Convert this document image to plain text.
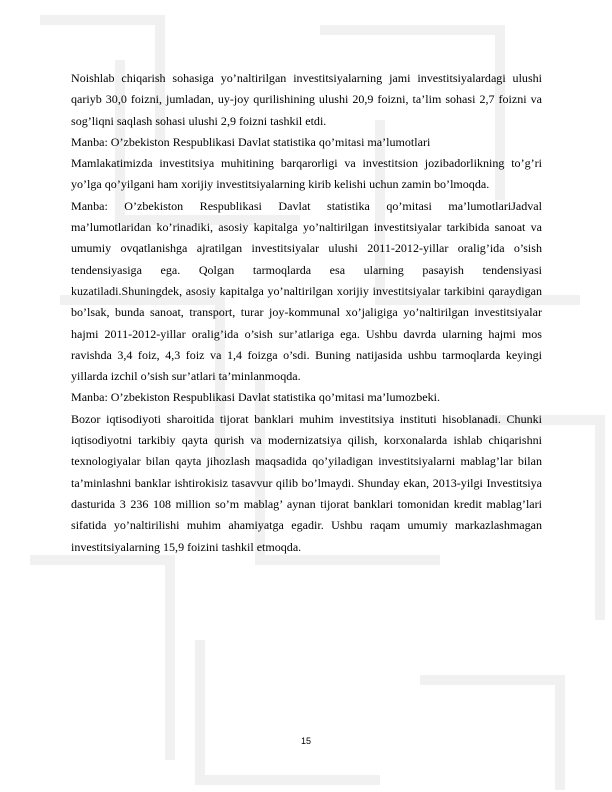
Noishlab chiqarish sohasiga yo’naltirilgan investitsiyalarning jami investitsiyalardagi ulushi qariyb 30,0 foizni, jumladan, uy-joy qurilishining ulushi 20,9 foizni, ta’lim sohasi 2,7 foizni va sog’liqni saqlash sohasi ulushi 2,9 foizni tashkil etdi.

Manba: O’zbekiston Respublikasi Davlat statistika qo’mitasi ma’lumotlari

Mamlakatimizda investitsiya muhitining barqarorligi va investitsion jozibadorlikning to’g’ri yo’lga qo’yilgani ham xorijiy investitsiyalarning kirib kelishi uchun zamin bo’lmoqda.

Manba: O’zbekiston Respublikasi Davlat statistika qo’mitasi ma’lumotlariJadval ma’lumotlaridan ko’rinadiki, asosiy kapitalga yo’naltirilgan investitsiyalar tarkibida sanoat va umumiy ovqatlanishga ajratilgan investitsiyalar ulushi 2011-2012-yillar oralig’ida o’sish tendensiyasiga ega. Qolgan tarmoqlarda esa ularning pasayish tendensiyasi kuzatiladi.Shuningdek, asosiy kapitalga yo’naltirilgan xorijiy investitsiyalar tarkibini qaraydigan bo’lsak, bunda sanoat, transport, turar joy-kommunal xo’jaligiga yo’naltirilgan investitsiyalar hajmi 2011-2012-yillar oralig’ida o’sish sur’atlariga ega. Ushbu davrda ularning hajmi mos ravishda 3,4 foiz, 4,3 foiz va 1,4 foizga o’sdi. Buning natijasida ushbu tarmoqlarda keyingi yillarda izchil o’sish sur’atlari ta’minlanmoqda.

Manba: O’zbekiston Respublikasi Davlat statistika qo’mitasi ma’lumozbeki.

Bozor iqtisodiyoti sharoitida tijorat banklari muhim investitsiya instituti hisoblanadi. Chunki iqtisodiyotni tarkibiy qayta qurish va modernizatsiya qilish, korxonalarda ishlab chiqarishni texnologiyalar bilan qayta jihozlash maqsadida qo’yiladigan investitsiyalarni mablag’lar bilan ta’minlashni banklar ishtirokisiz tasavvur qilib bo’lmaydi. Shunday ekan, 2013-yilgi Investitsiya dasturida 3 236 108 million so’m mablag’ aynan tijorat banklari tomonidan kredit mablag’lari sifatida yo’naltirilishi muhim ahamiyatga egadir. Ushbu raqam umumiy markazlashmagan investitsiyalarning 15,9 foizini tashkil etmoqda.

15
